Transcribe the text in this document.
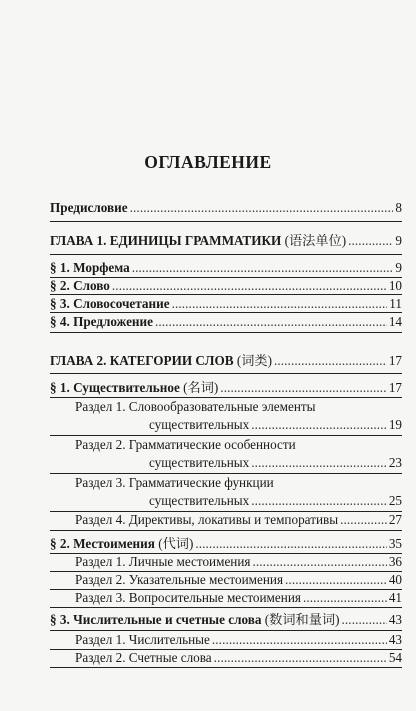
ОГЛАВЛЕНИЕ
Предисловие . . .	8
ГЛАВА 1. ЕДИНИЦЫ ГРАММАТИКИ (语法单位) . . .	9
§ 1. Морфема . . .	9
§ 2. Слово . . .	10
§ 3. Словосочетание . . .	11
§ 4. Предложение . . .	14
ГЛАВА 2. КАТЕГОРИИ СЛОВ (词类) . . .	17
§ 1. Существительное (名词) . . .	17
Раздел 1. Словообразовательные элементы
существительных . . .	19
Раздел 2. Грамматические особенности
существительных . . .	23
Раздел 3. Грамматические функции
существительных . . .	25
Раздел 4. Директивы, локативы и темпоративы . . .	27
§ 2. Местоимения (代词) . . .	35
Раздел 1. Личные местоимения . . .	36
Раздел 2. Указательные местоимения . . .	40
Раздел 3. Вопросительные местоимения . . .	41
§ 3. Числительные и счетные слова (数词和量词) . . .	43
Раздел 1. Числительные . . .	43
Раздел 2. Счетные слова . . .	54
